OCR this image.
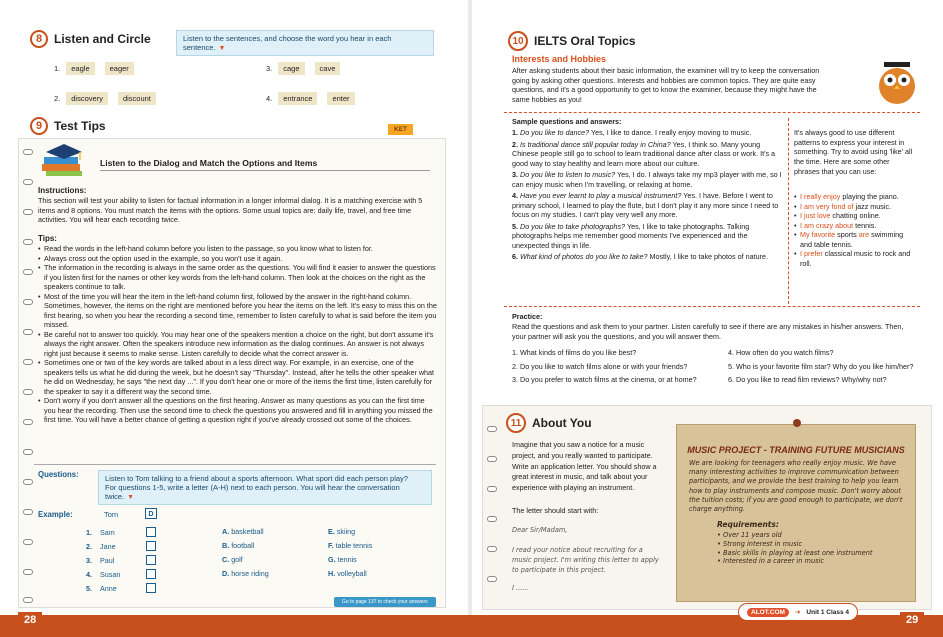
8 Listen and Circle	Listen to the sentences, and choose the word you hear in each sentence. ▼
1.	eagle	eager
2.	discovery	discount
3.	cage	cave
4.	entrance	enter
9 Test Tips	KET
Listen to the Dialog and Match the Options and Items
Instructions:
This section will test your ability to listen for factual information in a longer informal dialog. It is a matching exercise with 5 items and 8 options. You must match the items with the options. Some usual topics are: daily life, travel, and free time activities. You will hear each recording twice.
Tips:
• Read the words in the left-hand column before you listen to the passage, so you know what to listen for.
• Always cross out the option used in the example, so you won't use it again.
• The information in the recording is always in the same order as the questions. You will find it easier to answer the questions if you listen first for the names or other key words from the left-hand column. Then look at the choices on the right as the speakers continue to talk.
• Most of the time you will hear the item in the left-hand column first, followed by the answer in the right-hand column. Sometimes, however, the items on the right are mentioned before you hear the items on the left. It's easy to miss this on the first hearing, so when you hear the recording a second time, remember to listen carefully to what is said before the item you missed.
• Be careful not to answer too quickly. You may hear one of the speakers mention a choice on the right, but don't assume it's always the right answer. Often the speakers introduce new information as the dialog continues. An answer is not always right just because it seems to make sense. Listen carefully to decide what the correct answer is.
• Sometimes one or two of the key words are talked about in a less direct way. For example, in an exercise, one of the speakers tells us what he did during the week, but he doesn't say "Thursday". Instead, after he tells the other speaker what he did on Wednesday, he says "the next day ...". If you don't hear one or more of the items the first time, listen carefully for the speaker to say it a different way the second time.
• Don't worry if you don't answer all the questions on the first hearing. Answer as many questions as you can the first time you hear the recording. Then use the second time to check the questions you answered and fill in anything you missed the first time. You will have a better chance of getting a question right if you've already crossed out some of the choices.
Questions:	Listen to Tom talking to a friend about a sports afternoon. What sport did each person play?
For questions 1-5, write a letter (A-H) next to each person. You will hear the conversation twice. ▼
Example:	Tom	D
1.	Sam
2.	Jane
3.	Paul
4.	Susan
5.	Anne
A. basketball
B. football
C. golf
D. horse riding
E. skiing
F. table tennis
G. tennis
H. volleyball
Go to page 137 to check your answers
10 IELTS Oral Topics
Interests and Hobbies
After asking students about their basic information, the examiner will try to keep the conversation going by asking other questions. Interests and hobbies are common topics. They are quite easy questions, and it's a good opportunity to get to know the examiner, because they might have the same hobbies as you!
Sample questions and answers:
1. Do you like to dance? Yes, I like to dance. I really enjoy moving to music.
2. Is traditional dance still popular today in China? Yes, I think so. Many young Chinese people still go to school to learn traditional dance after class or work. It's a good way to stay healthy and learn more about our culture.
3. Do you like to listen to music? Yes, I do. I always take my mp3 player with me, so I can enjoy music when I'm travelling, or relaxing at home.
4. Have you ever learnt to play a musical instrument? Yes. I have. Before I went to primary school, I learned to play the flute, but I don't play it any more since I need to focus on my studies. I can't play very well any more.
5. Do you like to take photographs? Yes, I like to take photographs. Talking photographs helps me remember good moments I've experienced and the unexpected things in life.
6. What kind of photos do you like to take? Mostly, I like to take photos of nature.
It's always good to use different patterns to express your interest in something. Try to avoid using 'like' all the time. Here are some other phrases that you can use:
• I really enjoy playing the piano.
• I am very fond of jazz music.
• I just love chatting online.
• I am crazy about tennis.
• My favorite sports are swimming and table tennis.
• I prefer classical music to rock and roll.
Practice:
Read the questions and ask them to your partner. Listen carefully to see if there are any mistakes in his/her answers. Then, your partner will ask you the questions, and you will answer them.
1. What kinds of films do you like best?
2. Do you like to watch films alone or with your friends?
3. Do you prefer to watch films at the cinema, or at home?
4. How often do you watch films?
5. Who is your favorite film star? Why do you like him/her?
6. Do you like to read film reviews? Why/why not?
11 About You
Imagine that you saw a notice for a music project, and you really wanted to participate. Write an application letter. You should show a great interest in music, and talk about your experience with playing an instrument.
The letter should start with:
Dear Sir/Madam,
I read your notice about recruiting for a music project. I'm writing this letter to apply to participate in this project.
I ......
MUSIC PROJECT - TRAINING FUTURE MUSICIANS
We are looking for teenagers who really enjoy music. We have many interesting activities to improve communication between participants, and we provide the best training to help you learn how to play instruments and compose music. Don't worry about the tuition costs; if you are good enough to participate, we don't charge anything.
Requirements:
• Over 11 years old
• Strong interest in music
• Basic skills in playing at least one instrument
• Interested in a career in music
28	29
ALOT.COM	➜ Unit 1 Class 4
